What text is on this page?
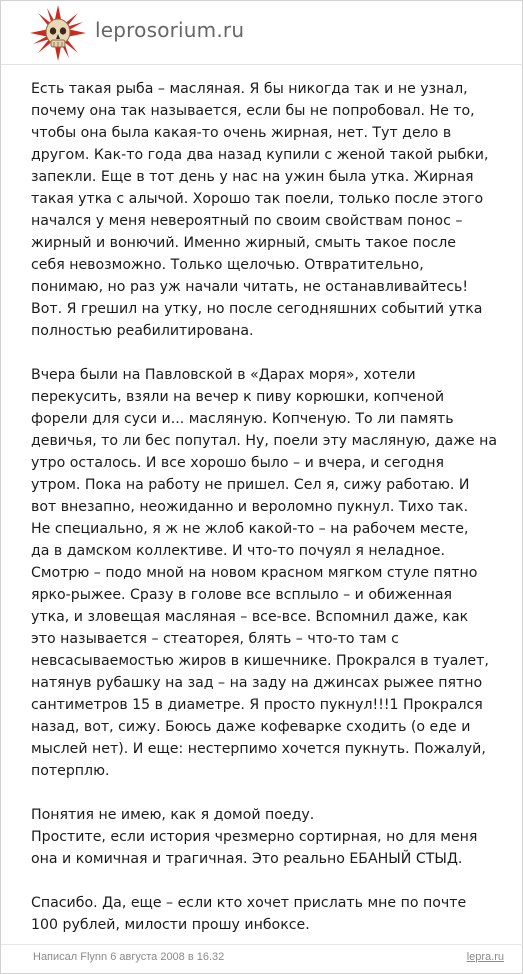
leprosorium.ru

Есть такая рыба – масляная. Я бы никогда так и не узнал,
почему она так называется, если бы не попробовал. Не то,
чтобы она была какая-то очень жирная, нет. Тут дело в
другом. Как-то года два назад купили с женой такой рыбки,
запекли. Еще в тот день у нас на ужин была утка. Жирная
такая утка с алычой. Хорошо так поели, только после этого
начался у меня невероятный по своим свойствам понос –
жирный и вонючий. Именно жирный, смыть такое после
себя невозможно. Только щелочью. Отвратительно,
понимаю, но раз уж начали читать, не останавливайтесь!
Вот. Я грешил на утку, но после сегодняшних событий утка
полностью реабилитирована.

Вчера были на Павловской в «Дарах моря», хотели
перекусить, взяли на вечер к пиву корюшки, копченой
форели для суси и... масляную. Копченую. То ли память
девичья, то ли бес попутал. Ну, поели эту масляную, даже на
утро осталось. И все хорошо было – и вчера, и сегодня
утром. Пока на работу не пришел. Сел я, сижу работаю. И
вот внезапно, неожиданно и вероломно пукнул. Тихо так.
Не специально, я ж не жлоб какой-то – на рабочем месте,
да в дамском коллективе. И что-то почуял я неладное.
Смотрю – подо мной на новом красном мягком стуле пятно
ярко-рыжее. Сразу в голове все всплыло – и обиженная
утка, и зловещая масляная – все-все. Вспомнил даже, как
это называется – стеаторея, блять – что-то там с
невсасываемостью жиров в кишечнике. Прокрался в туалет,
натянув рубашку на зад – на заду на джинсах рыжее пятно
сантиметров 15 в диаметре. Я просто пукнул!!!1 Прокрался
назад, вот, сижу. Боюсь даже кофеварке сходить (о еде и
мыслей нет). И еще: нестерпимо хочется пукнуть. Пожалуй,
потерплю.

Понятия не имею, как я домой поеду.
Простите, если история чрезмерно сортирная, но для меня
она и комичная и трагичная. Это реально ЕБАНЫЙ СТЫД.

Спасибо. Да, еще – если кто хочет прислать мне по почте
100 рублей, милости прошу инбоксе.

Написал Flynn 6 августа 2008 в 16.32	lepra.ru
